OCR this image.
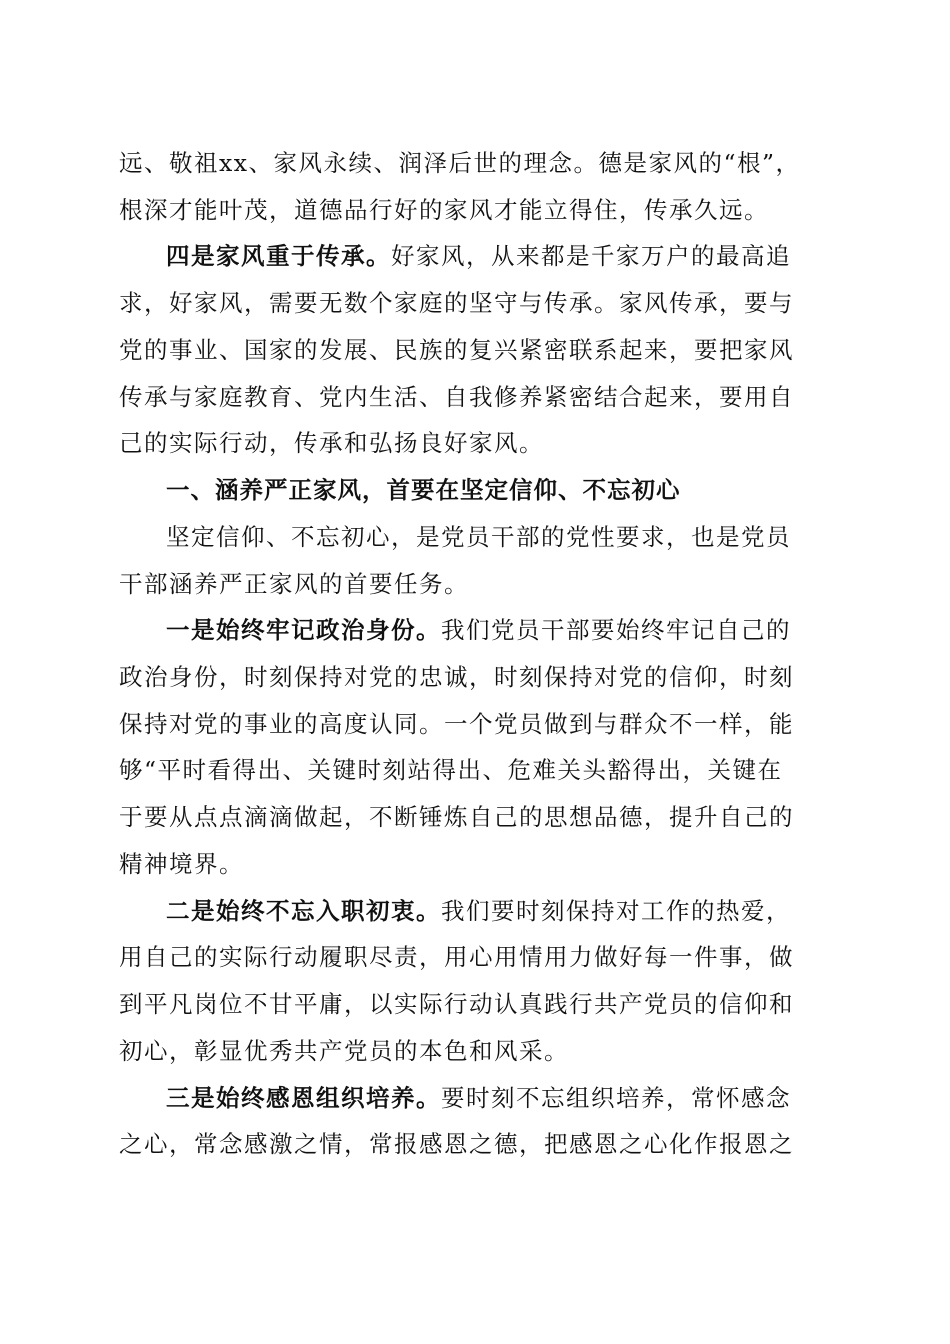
远、敬祖xx、家风永续、润泽后世的理念。德是家风的“根”，
根深才能叶茂，道德品行好的家风才能立得住，传承久远。
四是家风重于传承。好家风，从来都是千家万户的最高追
求，好家风，需要无数个家庭的坚守与传承。家风传承，要与
党的事业、国家的发展、民族的复兴紧密联系起来，要把家风
传承与家庭教育、党内生活、自我修养紧密结合起来，要用自
己的实际行动，传承和弘扬良好家风。
一、涵养严正家风，首要在坚定信仰、不忘初心
坚定信仰、不忘初心，是党员干部的党性要求，也是党员
干部涵养严正家风的首要任务。
一是始终牢记政治身份。我们党员干部要始终牢记自己的
政治身份，时刻保持对党的忠诚，时刻保持对党的信仰，时刻
保持对党的事业的高度认同。一个党员做到与群众不一样，能
够“平时看得出、关键时刻站得出、危难关头豁得出，关键在
于要从点点滴滴做起，不断锤炼自己的思想品德，提升自己的
精神境界。
二是始终不忘入职初衷。我们要时刻保持对工作的热爱，
用自己的实际行动履职尽责，用心用情用力做好每一件事，做
到平凡岗位不甘平庸，以实际行动认真践行共产党员的信仰和
初心，彰显优秀共产党员的本色和风采。
三是始终感恩组织培养。要时刻不忘组织培养，常怀感念
之心，常念感激之情，常报感恩之德，把感恩之心化作报恩之
